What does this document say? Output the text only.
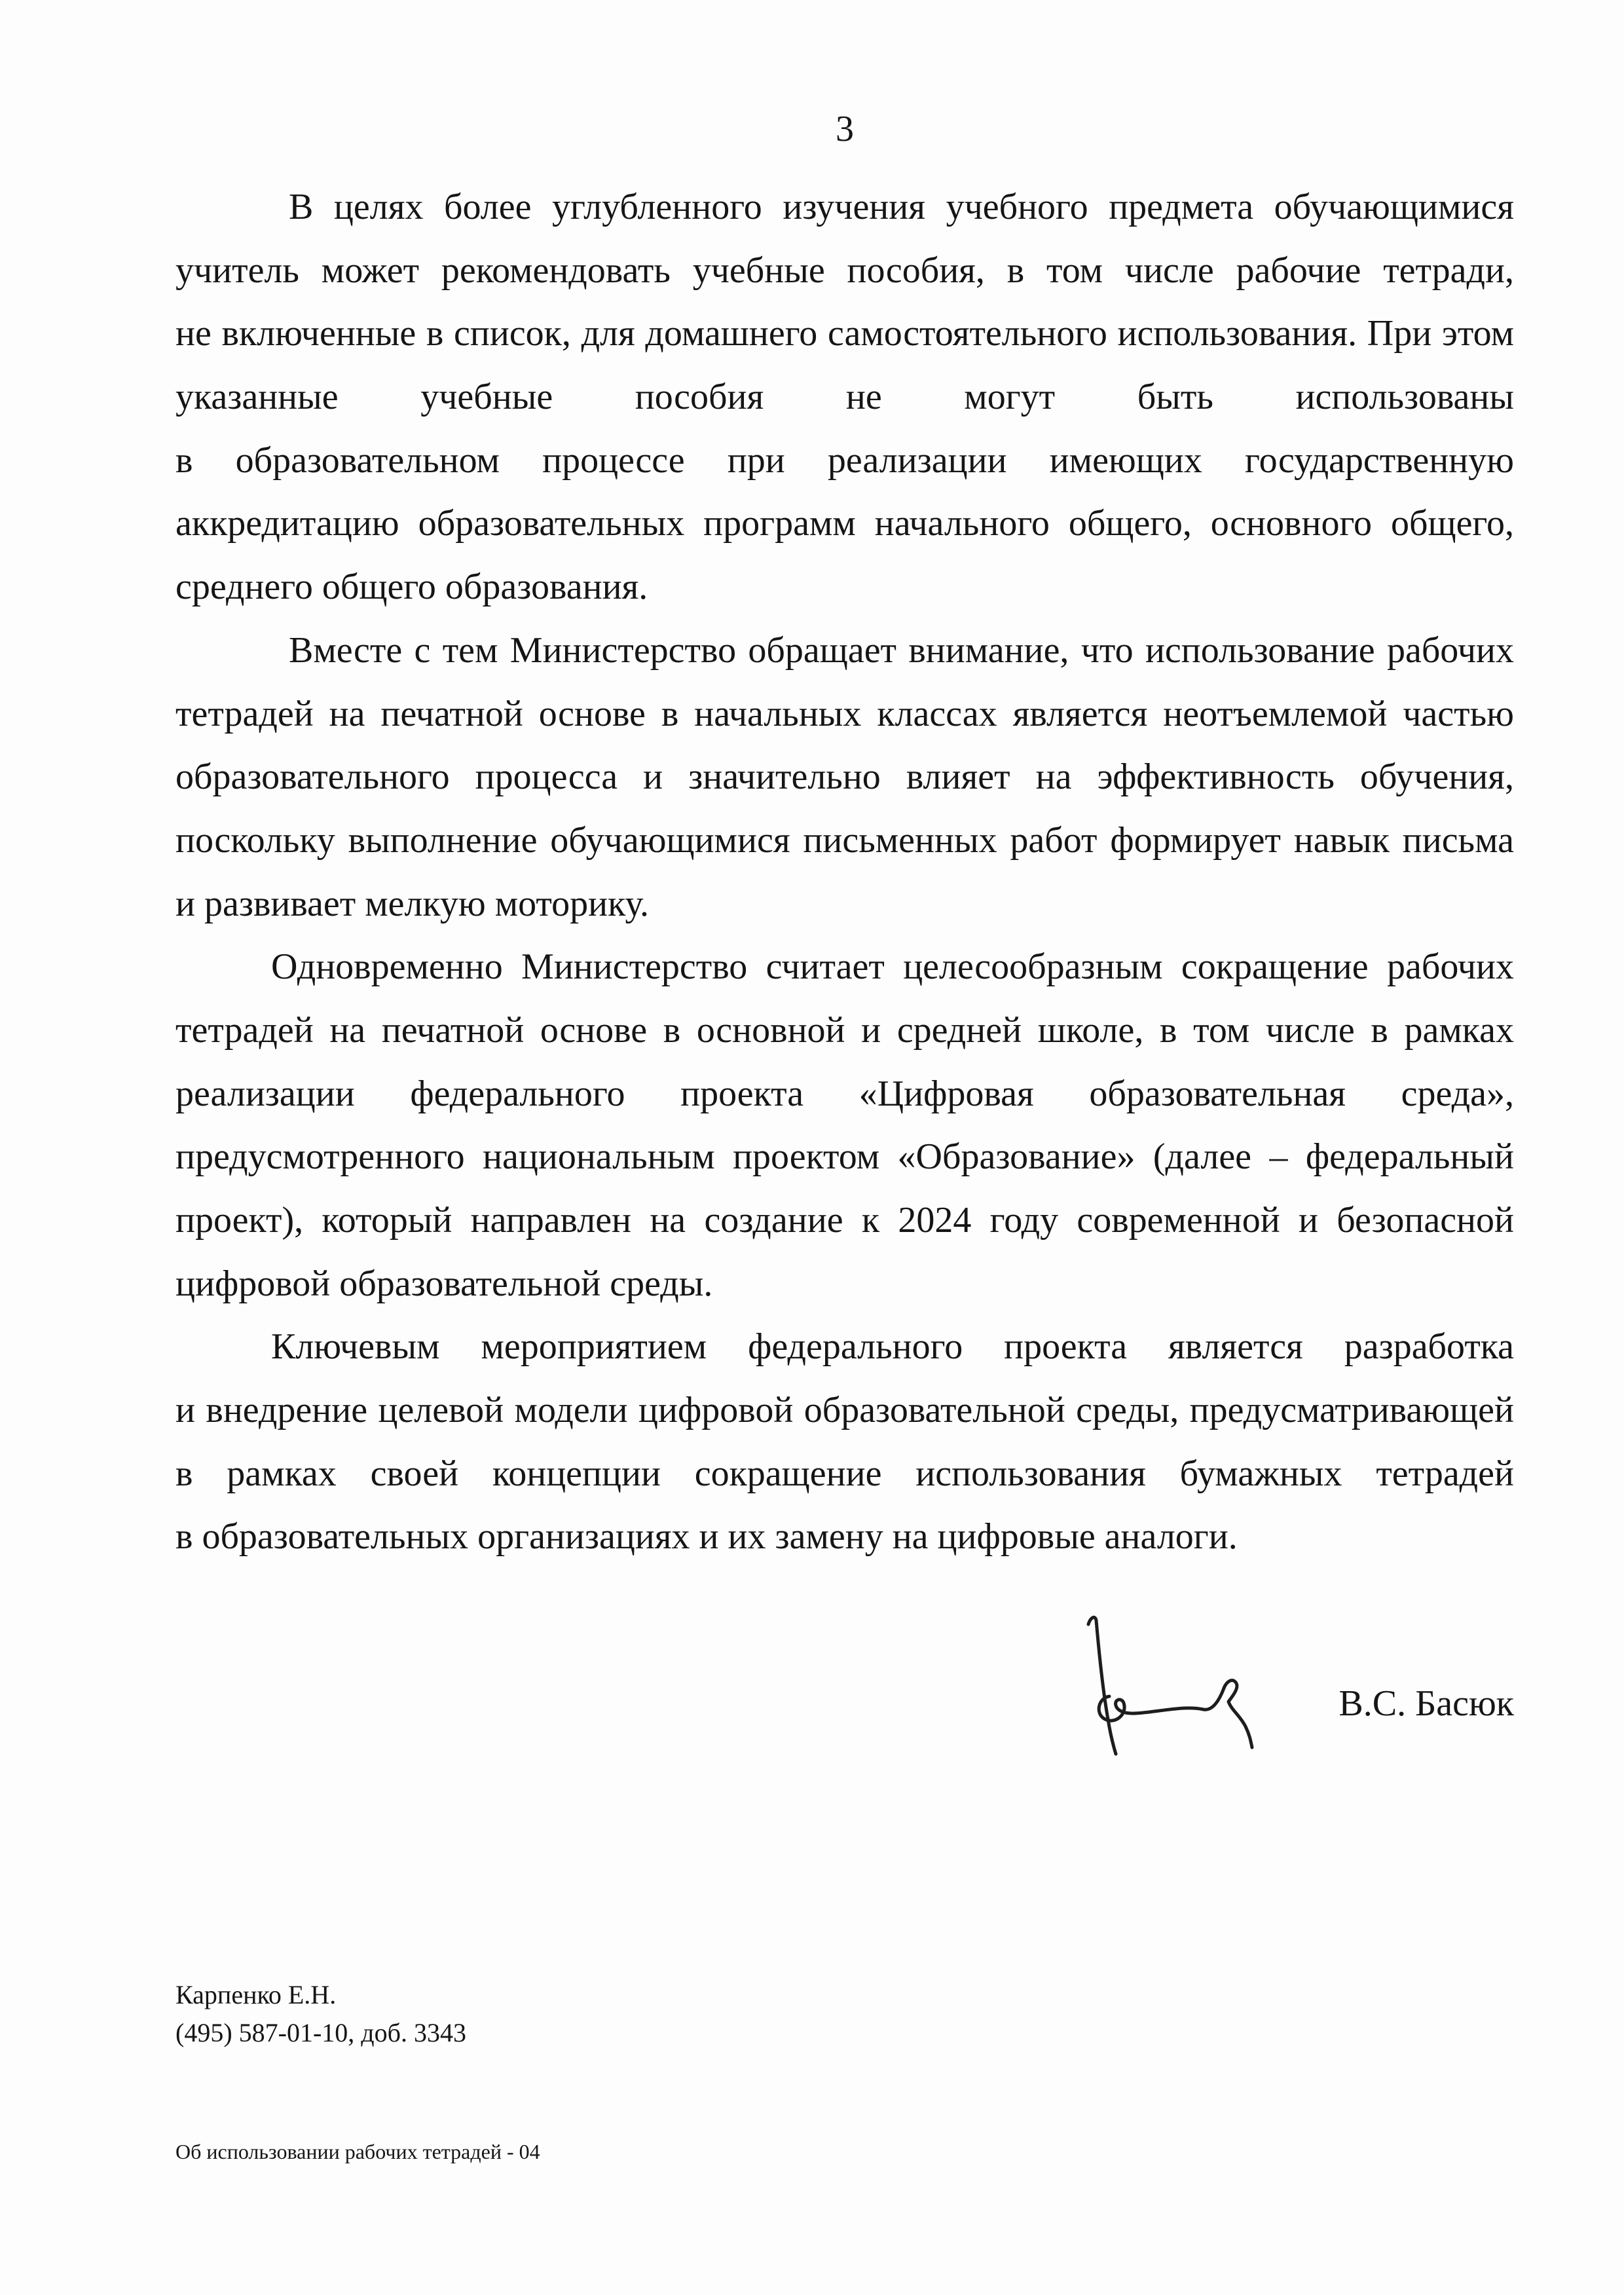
3
В целях более углубленного изучения учебного предмета обучающимися
учитель может рекомендовать учебные пособия, в том числе рабочие тетради,
не включенные в список, для домашнего самостоятельного использования. При этом
указанные учебные пособия не могут быть использованы
в образовательном процессе при реализации имеющих государственную
аккредитацию образовательных программ начального общего, основного общего,
среднего общего образования.
Вместе с тем Министерство обращает внимание, что использование рабочих
тетрадей на печатной основе в начальных классах является неотъемлемой частью
образовательного процесса и значительно влияет на эффективность обучения,
поскольку выполнение обучающимися письменных работ формирует навык письма
и развивает мелкую моторику.
Одновременно Министерство считает целесообразным сокращение рабочих
тетрадей на печатной основе в основной и средней школе, в том числе в рамках
реализации федерального проекта «Цифровая образовательная среда»,
предусмотренного национальным проектом «Образование» (далее – федеральный
проект), который направлен на создание к 2024 году современной и безопасной
цифровой образовательной среды.
Ключевым мероприятием федерального проекта является разработка
и внедрение целевой модели цифровой образовательной среды, предусматривающей
в рамках своей концепции сокращение использования бумажных тетрадей
в образовательных организациях и их замену на цифровые аналоги.
В.С. Басюк
Карпенко Е.Н.
(495) 587-01-10, доб. 3343
Об использовании рабочих тетрадей - 04
